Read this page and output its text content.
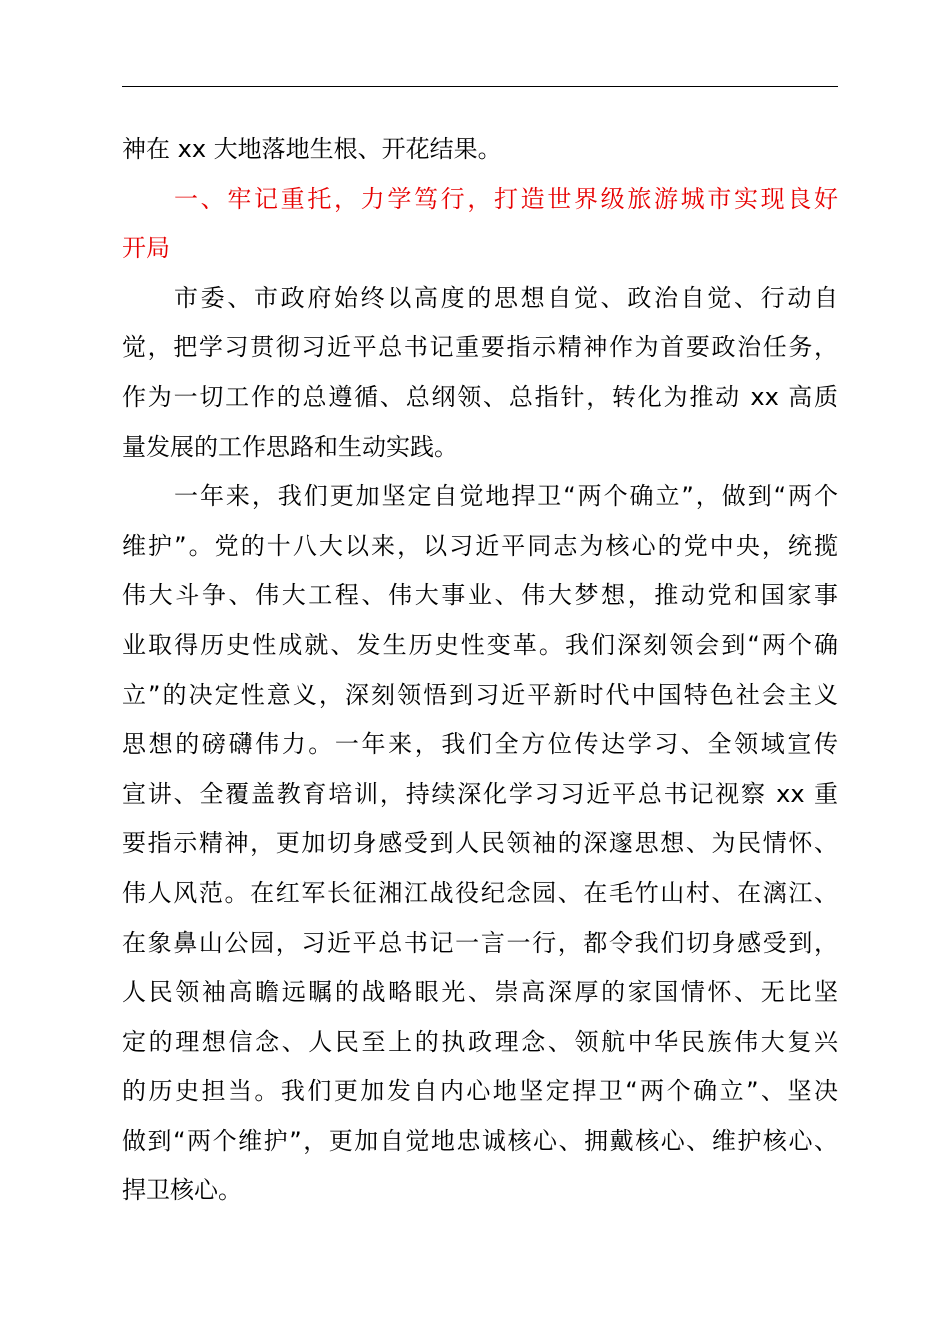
神在 xx 大地落地生根、开花结果。
一、牢记重托，力学笃行，打造世界级旅游城市实现良好
开局
市委、市政府始终以高度的思想自觉、政治自觉、行动自
觉，把学习贯彻习近平总书记重要指示精神作为首要政治任务，
作为一切工作的总遵循、总纲领、总指针，转化为推动 xx 高质
量发展的工作思路和生动实践。
一年来，我们更加坚定自觉地捍卫“两个确立”，做到“两个
维护”。党的十八大以来，以习近平同志为核心的党中央，统揽
伟大斗争、伟大工程、伟大事业、伟大梦想，推动党和国家事
业取得历史性成就、发生历史性变革。我们深刻领会到“两个确
立”的决定性意义，深刻领悟到习近平新时代中国特色社会主义
思想的磅礴伟力。一年来，我们全方位传达学习、全领域宣传
宣讲、全覆盖教育培训，持续深化学习习近平总书记视察 xx 重
要指示精神，更加切身感受到人民领袖的深邃思想、为民情怀、
伟人风范。在红军长征湘江战役纪念园、在毛竹山村、在漓江、
在象鼻山公园，习近平总书记一言一行，都令我们切身感受到，
人民领袖高瞻远瞩的战略眼光、崇高深厚的家国情怀、无比坚
定的理想信念、人民至上的执政理念、领航中华民族伟大复兴
的历史担当。我们更加发自内心地坚定捍卫“两个确立”、坚决
做到“两个维护”，更加自觉地忠诚核心、拥戴核心、维护核心、
捍卫核心。
